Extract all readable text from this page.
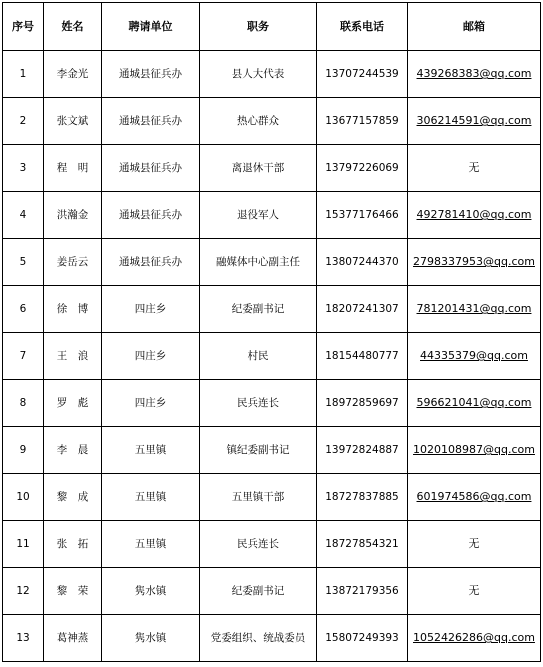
序号	姓名	聘请单位	职务	联系电话	邮箱
1	李金光	通城县征兵办	县人大代表	13707244539	439268383@qq.com
2	张文斌	通城县征兵办	热心群众	13677157859	306214591@qq.com
3	程　明	通城县征兵办	离退休干部	13797226069	无
4	洪瀚金	通城县征兵办	退役军人	15377176466	492781410@qq.com
5	姜岳云	通城县征兵办	融媒体中心副主任	13807244370	2798337953@qq.com
6	徐　博	四庄乡	纪委副书记	18207241307	781201431@qq.com
7	王　浪	四庄乡	村民	18154480777	44335379@qq.com
8	罗　彪	四庄乡	民兵连长	18972859697	596621041@qq.com
9	李　晨	五里镇	镇纪委副书记	13972824887	1020108987@qq.com
10	黎　成	五里镇	五里镇干部	18727837885	601974586@qq.com
11	张　拓	五里镇	民兵连长	18727854321	无
12	黎　荣	隽水镇	纪委副书记	13872179356	无
13	葛神蒸	隽水镇	党委组织、统战委员	15807249393	1052426286@qq.com
